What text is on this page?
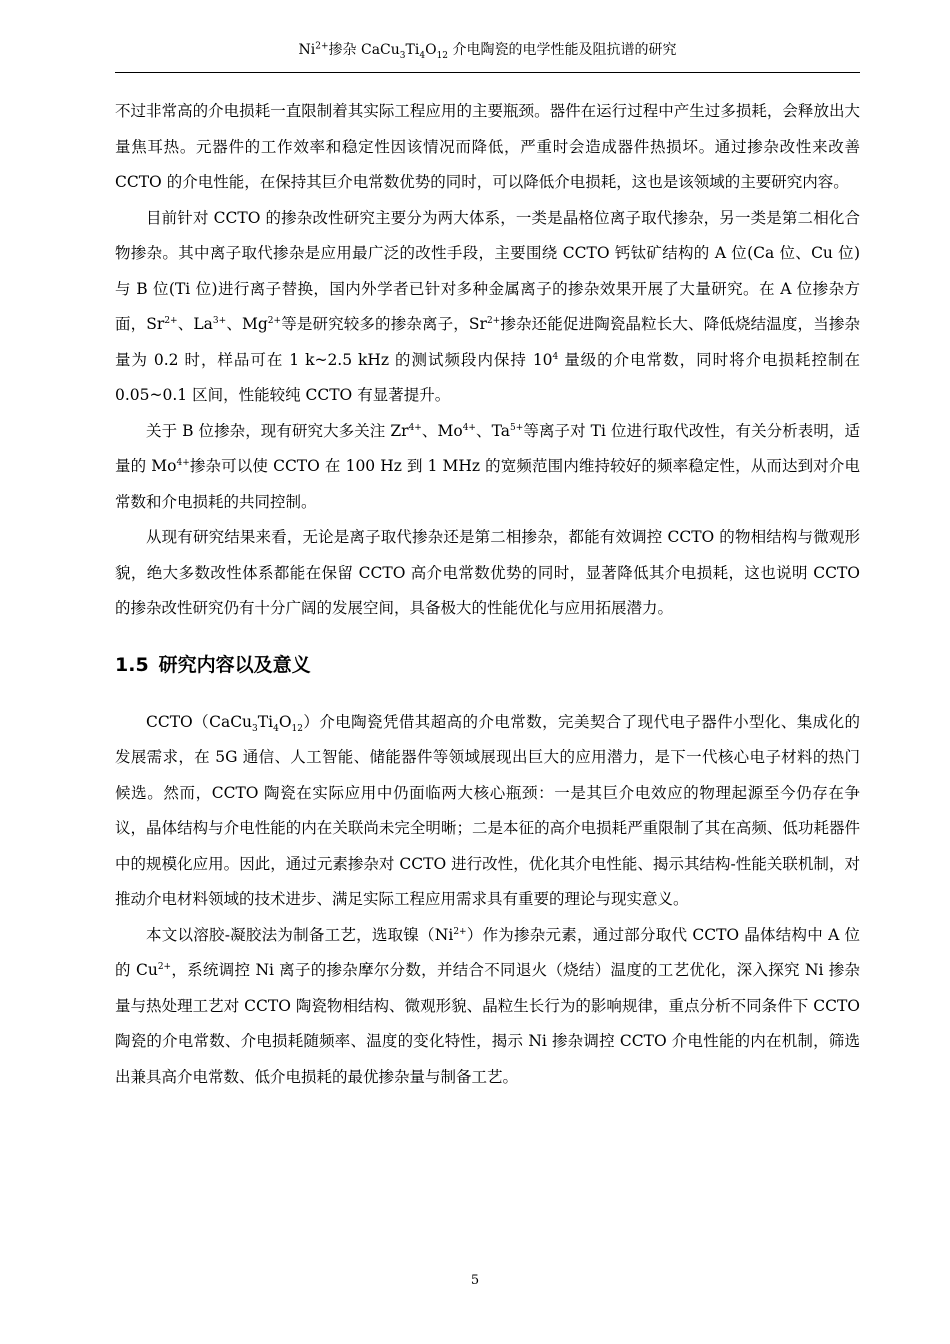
$Ni^{2+}$掺杂 $CaCu_3Ti_4O_{12}$ 介电陶瓷的电学性能及阻抗谱的研究

不过非常高的介电损耗一直限制着其实际工程应用的主要瓶颈。器件在运行过程中产生过多损耗，会释放出大量焦耳热。元器件的工作效率和稳定性因该情况而降低，严重时会造成器件热损坏。通过掺杂改性来改善 CCTO 的介电性能，在保持其巨介电常数优势的同时，可以降低介电损耗，这也是该领域的主要研究内容。

目前针对 CCTO 的掺杂改性研究主要分为两大体系，一类是晶格位离子取代掺杂，另一类是第二相化合物掺杂。其中离子取代掺杂是应用最广泛的改性手段，主要围绕 CCTO 钙钛矿结构的 A 位(Ca 位、Cu 位)与 B 位(Ti 位)进行离子替换，国内外学者已针对多种金属离子的掺杂效果开展了大量研究。在 A 位掺杂方面，$Sr^{2+}$、$La^{3+}$、$Mg^{2+}$等是研究较多的掺杂离子，$Sr^{2+}$掺杂还能促进陶瓷晶粒长大、降低烧结温度，当掺杂量为 0.2 时，样品可在 1 k~2.5 kHz 的测试频段内保持 $10^4$ 量级的介电常数，同时将介电损耗控制在 0.05~0.1 区间，性能较纯 CCTO 有显著提升。

关于 B 位掺杂，现有研究大多关注 $Zr^{4+}$、$Mo^{4+}$、$Ta^{5+}$等离子对 Ti 位进行取代改性，有关分析表明，适量的 $Mo^{4+}$掺杂可以使 CCTO 在 100 Hz 到 1 MHz 的宽频范围内维持较好的频率稳定性，从而达到对介电常数和介电损耗的共同控制。

从现有研究结果来看，无论是离子取代掺杂还是第二相掺杂，都能有效调控 CCTO 的物相结构与微观形貌，绝大多数改性体系都能在保留 CCTO 高介电常数优势的同时，显著降低其介电损耗，这也说明 CCTO 的掺杂改性研究仍有十分广阔的发展空间，具备极大的性能优化与应用拓展潜力。

1.5 研究内容以及意义

$CCTO(CaCu_3Ti_4O_{12})$介电陶瓷凭借其超高的介电常数，完美契合了现代电子器件小型化、集成化的发展需求，在 5G 通信、人工智能、储能器件等领域展现出巨大的应用潜力，是下一代核心电子材料的热门候选。然而，CCTO 陶瓷在实际应用中仍面临两大核心瓶颈：一是其巨介电效应的物理起源至今仍存在争议，晶体结构与介电性能的内在关联尚未完全明晰；二是本征的高介电损耗严重限制了其在高频、低功耗器件中的规模化应用。因此，通过元素掺杂对 CCTO 进行改性，优化其介电性能、揭示其结构-性能关联机制，对推动介电材料领域的技术进步、满足实际工程应用需求具有重要的理论与现实意义。

本文以溶胶-凝胶法为制备工艺，选取镍$(Ni^{2+})$作为掺杂元素，通过部分取代 CCTO 晶体结构中 A 位的 $Cu^{2+}$，系统调控 Ni 离子的掺杂摩尔分数，并结合不同退火（烧结）温度的工艺优化，深入探究 Ni 掺杂量与热处理工艺对 CCTO 陶瓷物相结构、微观形貌、晶粒生长行为的影响规律，重点分析不同条件下 CCTO 陶瓷的介电常数、介电损耗随频率、温度的变化特性，揭示 Ni 掺杂调控 CCTO 介电性能的内在机制，筛选出兼具高介电常数、低介电损耗的最优掺杂量与制备工艺。

5
